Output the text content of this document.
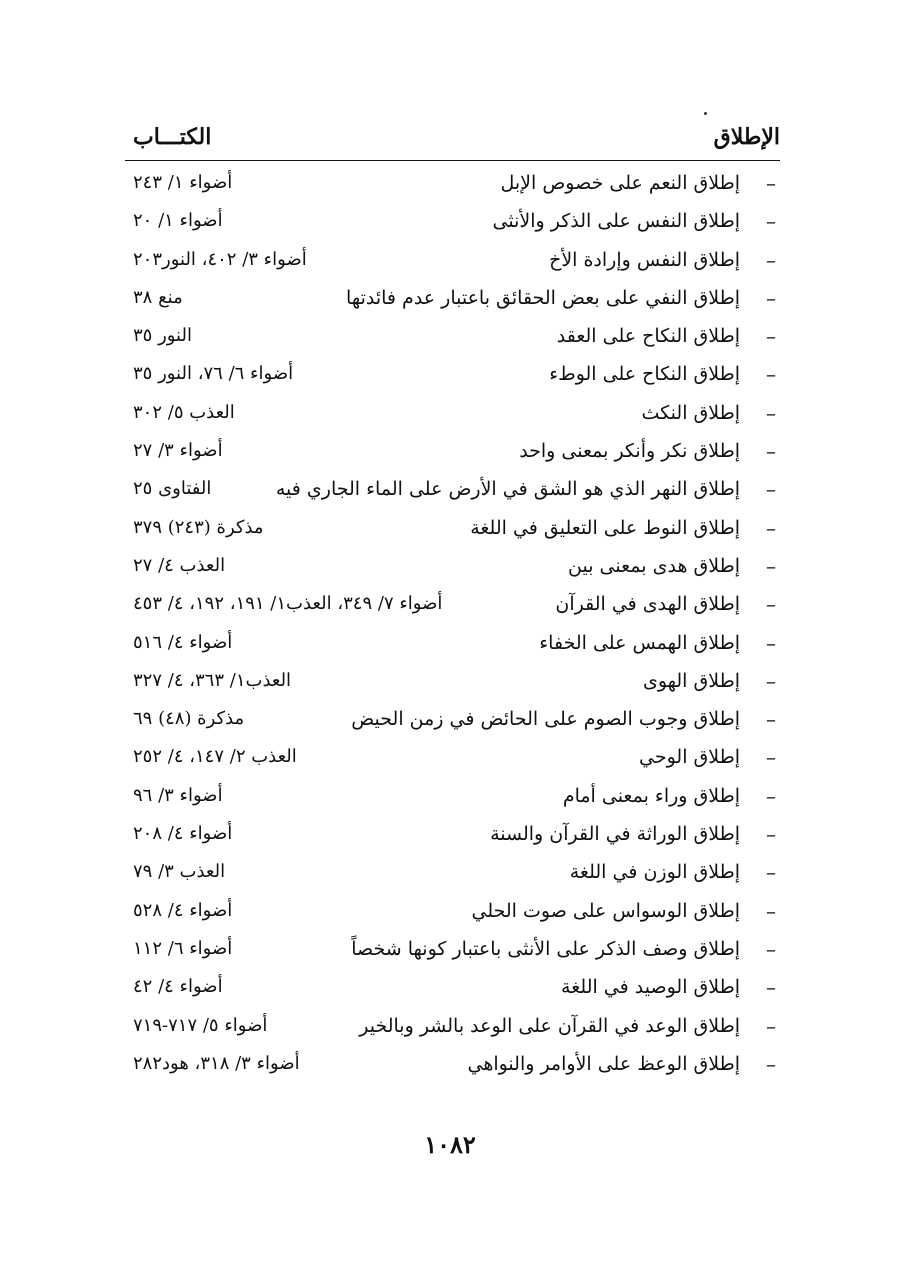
الكتـــاب	الإطلاق
–
إطلاق النعم على خصوص الإبل
أضواء ١/ ٢٤٣
–
إطلاق النفس على الذكر والأنثى
أضواء ١/ ٢٠
–
إطلاق النفس وإرادة الأخ
أضواء ٣/ ٤٠٢، النور٢٠٣
–
إطلاق النفي على بعض الحقائق باعتبار عدم فائدتها
منع ٣٨
–
إطلاق النكاح على العقد
النور ٣٥
–
إطلاق النكاح على الوطء
أضواء ٦/ ٧٦، النور ٣٥
–
إطلاق النكث
العذب ٥/ ٣٠٢
–
إطلاق نكر وأنكر بمعنى واحد
أضواء ٣/ ٢٧
–
إطلاق النهر الذي هو الشق في الأرض على الماء الجاري فيه
الفتاوى ٢٥
–
إطلاق النوط على التعليق في اللغة
مذكرة (٢٤٣) ٣٧٩
–
إطلاق هدى بمعنى بين
العذب ٤/ ٢٧
–
إطلاق الهدى في القرآن
أضواء ٧/ ٣٤٩، العذب١/ ١٩١، ١٩٢، ٤/ ٤٥٣
–
إطلاق الهمس على الخفاء
أضواء ٤/ ٥١٦
–
إطلاق الهوى
العذب١/ ٣٦٣، ٤/ ٣٢٧
–
إطلاق وجوب الصوم على الحائض في زمن الحيض
مذكرة (٤٨) ٦٩
–
إطلاق الوحي
العذب ٢/ ١٤٧، ٤/ ٢٥٢
–
إطلاق وراء بمعنى أمام
أضواء ٣/ ٩٦
–
إطلاق الوراثة في القرآن والسنة
أضواء ٤/ ٢٠٨
–
إطلاق الوزن في اللغة
العذب ٣/ ٧٩
–
إطلاق الوسواس على صوت الحلي
أضواء ٤/ ٥٢٨
–
إطلاق وصف الذكر على الأنثى باعتبار كونها شخصاً
أضواء ٦/ ١١٢
–
إطلاق الوصيد في اللغة
أضواء ٤/ ٤٢
–
إطلاق الوعد في القرآن على الوعد بالشر وبالخير
أضواء ٥/ ٧١٧-٧١٩
–
إطلاق الوعظ على الأوامر والنواهي
أضواء ٣/ ٣١٨، هود٢٨٢
١٠٨٢
